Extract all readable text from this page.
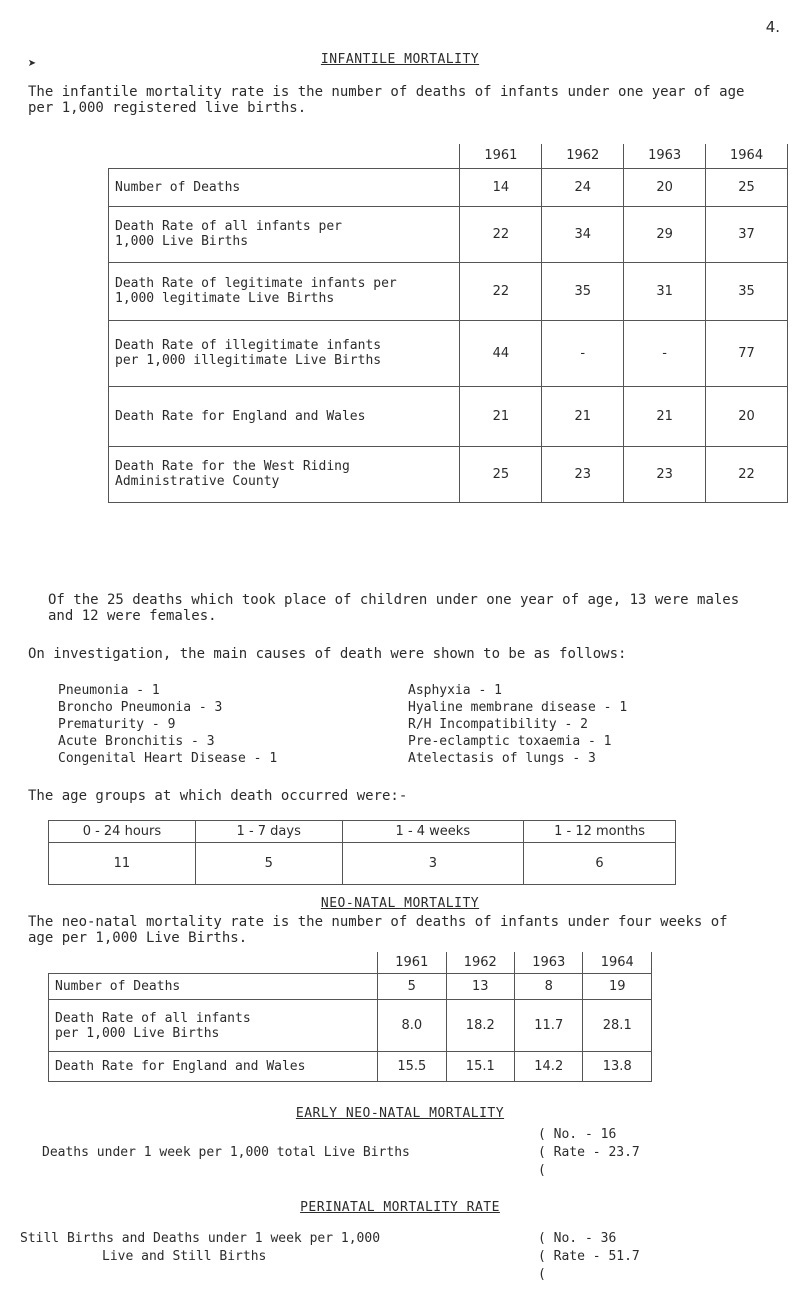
4.
➤	INFANTILE MORTALITY
The infantile mortality rate is the number of deaths of infants under one year of age
per 1,000 registered live births.
	1961	1962	1963	1964

Number of Deaths	14	24	20	25

Death Rate of all infants per
1,000 Live Births	22	34	29	37

Death Rate of legitimate infants per
1,000 legitimate Live Births	22	35	31	35

Death Rate of illegitimate infants
per 1,000 illegitimate Live Births	44	-	-	77

Death Rate for England and Wales	21	21	21	20

Death Rate for the West Riding
Administrative County	25	23	23	22
Of the 25 deaths which took place of children under one year of age, 13 were males
and 12 were females.
On investigation, the main causes of death were shown to be as follows:
Pneumonia - 1
Broncho Pneumonia - 3
Prematurity - 9
Acute Bronchitis - 3
Congenital Heart Disease - 1
Asphyxia - 1
Hyaline membrane disease - 1
R/H Incompatibility - 2
Pre-eclamptic toxaemia - 1
Atelectasis of lungs - 3
The age groups at which death occurred were:-
0 - 24 hours	1 - 7 days	1 - 4 weeks	1 - 12 months
11	5	3	6
NEO-NATAL MORTALITY
The neo-natal mortality rate is the number of deaths of infants under four weeks of
age per 1,000 Live Births.
	1961	1962	1963	1964

Number of Deaths	5	13	8	19

Death Rate of all infants
per 1,000 Live Births	8.0	18.2	11.7	28.1

Death Rate for England and Wales	15.5	15.1	14.2	13.8
EARLY NEO-NATAL MORTALITY
Deaths under 1 week per 1,000 total Live Births
( No. - 16
( Rate - 23.7
(
PERINATAL MORTALITY RATE
Still Births and Deaths under 1 week per 1,000
Live and Still Births
( No. - 36
( Rate - 51.7
(
